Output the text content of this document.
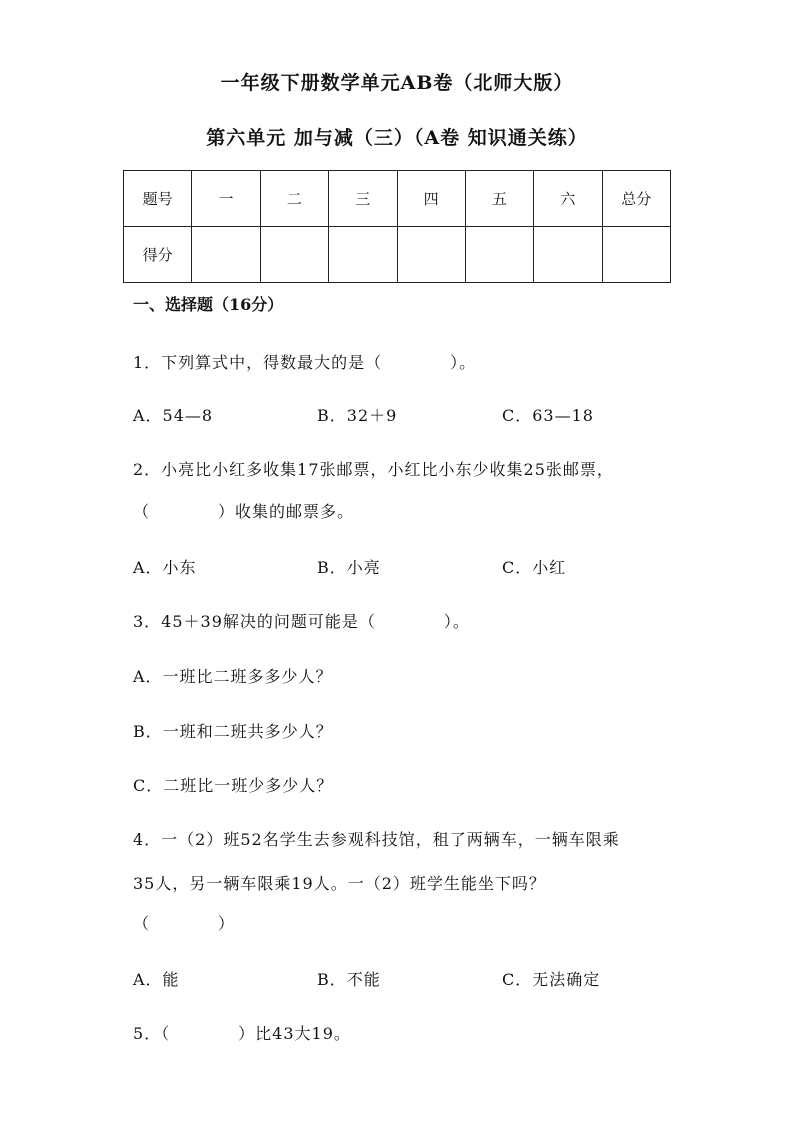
一年级下册数学单元AB卷（北师大版）
第六单元 加与减（三）（A卷 知识通关练）
题号	一	二	三	四	五	六	总分
得分							
一、选择题（16分）
1．下列算式中，得数最大的是（　　　　）。
A．54—8	B．32＋9	C．63—18
2．小亮比小红多收集17张邮票，小红比小东少收集25张邮票，
（　　　　）收集的邮票多。
A．小东	B．小亮	C．小红
3．45＋39解决的问题可能是（　　　　）。
A．一班比二班多多少人？
B．一班和二班共多少人？
C．二班比一班少多少人？
4．一（2）班52名学生去参观科技馆，租了两辆车，一辆车限乘
35人，另一辆车限乘19人。一（2）班学生能坐下吗？
（　　　　）
A．能	B．不能	C．无法确定
5．（　　　　）比43大19。
